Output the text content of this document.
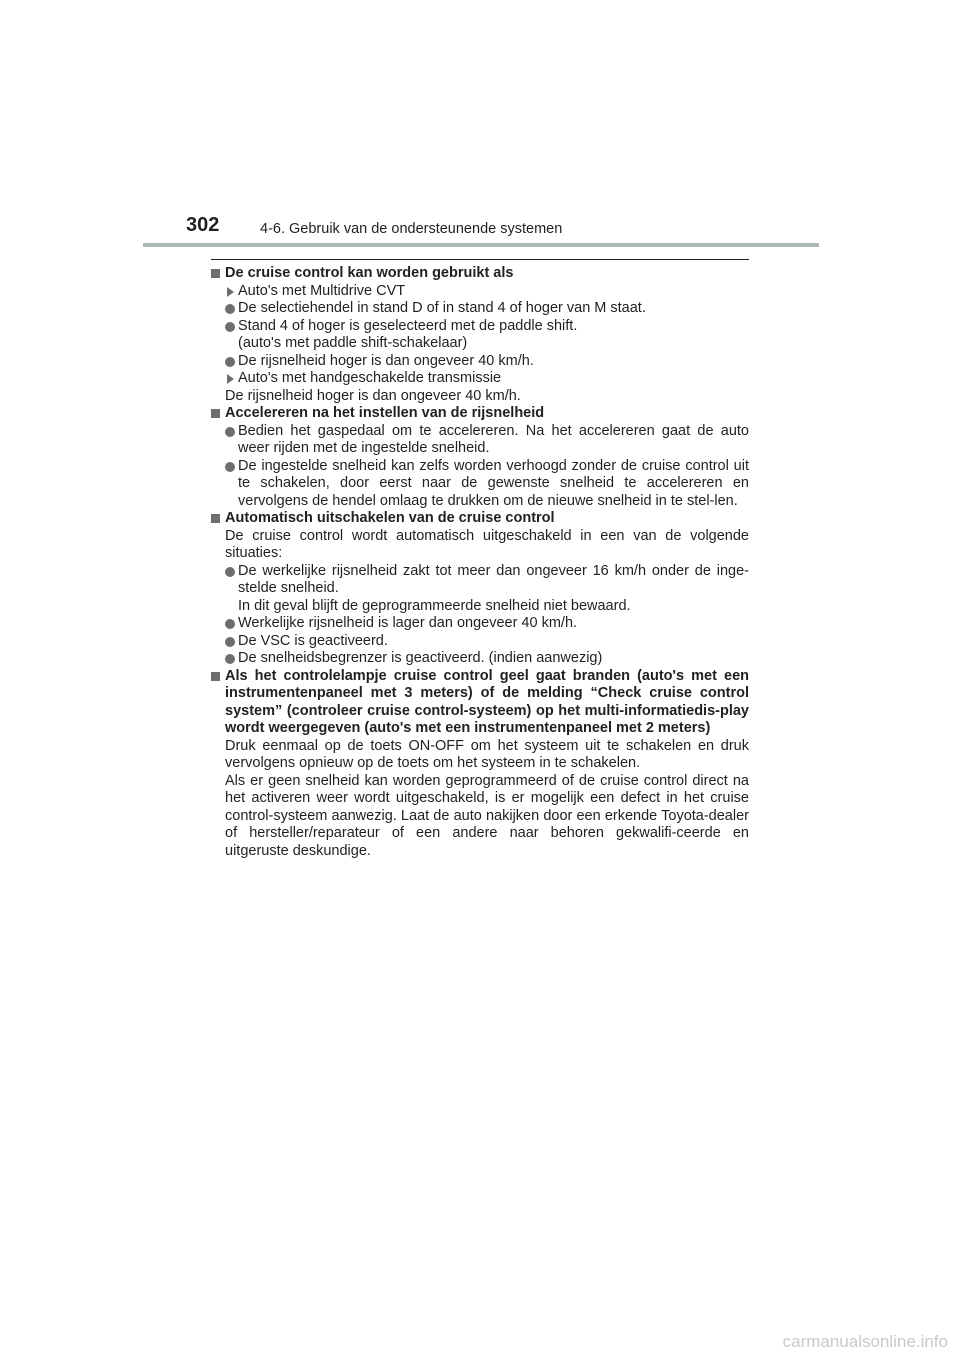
302	4-6. Gebruik van de ondersteunende systemen

De cruise control kan worden gebruikt als

Auto's met Multidrive CVT

De selectiehendel in stand D of in stand 4 of hoger van M staat.

Stand 4 of hoger is geselecteerd met de paddle shift.
(auto's met paddle shift-schakelaar)

De rijsnelheid hoger is dan ongeveer 40 km/h.

Auto's met handgeschakelde transmissie

De rijsnelheid hoger is dan ongeveer 40 km/h.

Accelereren na het instellen van de rijsnelheid

Bedien het gaspedaal om te accelereren. Na het accelereren gaat de auto weer rijden met de ingestelde snelheid.

De ingestelde snelheid kan zelfs worden verhoogd zonder de cruise control uit te schakelen, door eerst naar de gewenste snelheid te accelereren en vervolgens de hendel omlaag te drukken om de nieuwe snelheid in te stel-len.

Automatisch uitschakelen van de cruise control

De cruise control wordt automatisch uitgeschakeld in een van de volgende situaties:

De werkelijke rijsnelheid zakt tot meer dan ongeveer 16 km/h onder de inge-stelde snelheid.
In dit geval blijft de geprogrammeerde snelheid niet bewaard.

Werkelijke rijsnelheid is lager dan ongeveer 40 km/h.

De VSC is geactiveerd.

De snelheidsbegrenzer is geactiveerd. (indien aanwezig)

Als het controlelampje cruise control geel gaat branden (auto's met een instrumentenpaneel met 3 meters) of de melding “Check cruise control system” (controleer cruise control-systeem) op het multi-informatiedis-play wordt weergegeven (auto's met een instrumentenpaneel met 2 meters)

Druk eenmaal op de toets ON-OFF om het systeem uit te schakelen en druk vervolgens opnieuw op de toets om het systeem in te schakelen.
Als er geen snelheid kan worden geprogrammeerd of de cruise control direct na het activeren weer wordt uitgeschakeld, is er mogelijk een defect in het cruise control-systeem aanwezig. Laat de auto nakijken door een erkende Toyota-dealer of hersteller/reparateur of een andere naar behoren gekwalifi-ceerde en uitgeruste deskundige.

carmanualsonline.info
